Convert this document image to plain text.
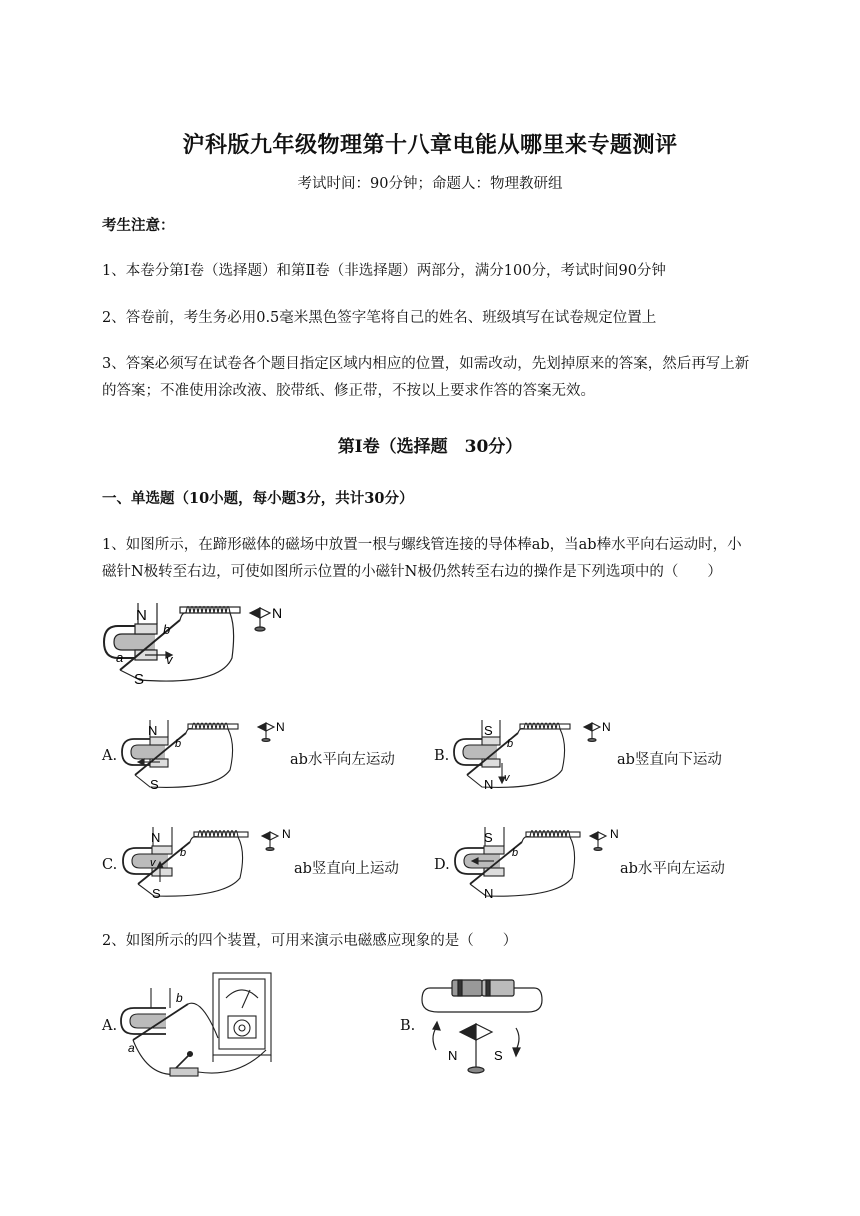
沪科版九年级物理第十八章电能从哪里来专题测评
考试时间：90分钟；命题人：物理教研组
考生注意：
1、本卷分第Ⅰ卷（选择题）和第Ⅱ卷（非选择题）两部分，满分100分，考试时间90分钟
2、答卷前，考生务必用0.5毫米黑色签字笔将自己的姓名、班级填写在试卷规定位置上
3、答案必须写在试卷各个题目指定区域内相应的位置，如需改动，先划掉原来的答案，然后再写上新
的答案；不准使用涂改液、胶带纸、修正带，不按以上要求作答的答案无效。
第Ⅰ卷（选择题　30分）
一、单选题（10小题，每小题3分，共计30分）
1、如图所示，在蹄形磁体的磁场中放置一根与螺线管连接的导体棒ab，当ab棒水平向右运动时，小
磁针N极转至右边，可使如图所示位置的小磁针N极仍然转至右边的操作是下列选项中的（　　）
N
S
b
a	v
N
A.
N
S
b
N
ab水平向左运动	B.
S
N
b
v
N
ab竖直向下运动
C.
N
S
b
v
N
ab竖直向上运动 D.
S
N
b
N
ab水平向左运动
2、如图所示的四个装置，可用来演示电磁感应现象的是（　　）
A.
b
a
B.
N	S
